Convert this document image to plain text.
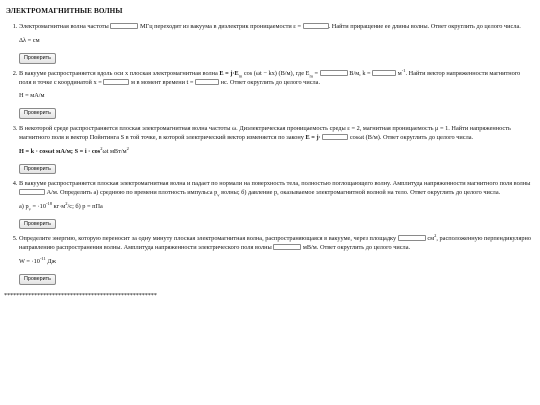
ЭЛЕКТРОМАГНИТНЫЕ ВОЛНЫ

1. Электромагнитная волна частоты	МГц переходит из вакуума в диэлектрик проницаемости ε =	. Найти приращение ее длины волны. Ответ округлить до целого числа.

Δλ = см
Проверить

2. В вакууме распространяется вдоль оси x плоская электромагнитная волна $E = j\cdot E_m$ cos (ωt − kx) (В/м), где $E_m$ =	В/м, k =	$м^{-1}$. Найти вектор напряженности магнитного поля в точке с координатой x =	м в момент времени t =	нс. Ответ округлить до целого числа.

H = мА/м
Проверить

3. В некоторой среде распространяется плоская электромагнитная волна частоты ω. Диэлектрическая проницаемость среды ε = 2, магнитная проницаемость μ = 1. Найти напряженность магнитного поля и вектор Пойнтинга S в той точке, в которой электрический вектор изменяется по закону E = j·	cosωt (В/м). Ответ округлить до целого числа.

H = k · cosωt мА/м; $S = i \cdot \cos^2\omega t$ мВт/$м^2$
Проверить

4. В вакууме распространяется плоская электромагнитная волна и падает по нормали на поверхность тела, полностью поглощающего волну. Амплитуда напряженности магнитного поля волны  А/м. Определить а) среднюю по времени плотность импульса $p_v$ волны; б) давление p, оказываемое электромагнитной волной на тело. Ответ округлить до целого числа.

а) $p_v = \cdot 10^{-18}$ $кг\cdot м^2/с$; б) p = пПа
Проверить

5. Определите энергию, которую переносит за одну минуту плоская электромагнитная волна, распространяющаяся в вакууме, через площадку	$см^2$, расположенную перпендикулярно направлению распространения волны. Амплитуда напряженности электрического поля волны	мВ/м. Ответ округлить до целого числа.

$W = \cdot 10^{-11}$ Дж
Проверить
***************************************************
